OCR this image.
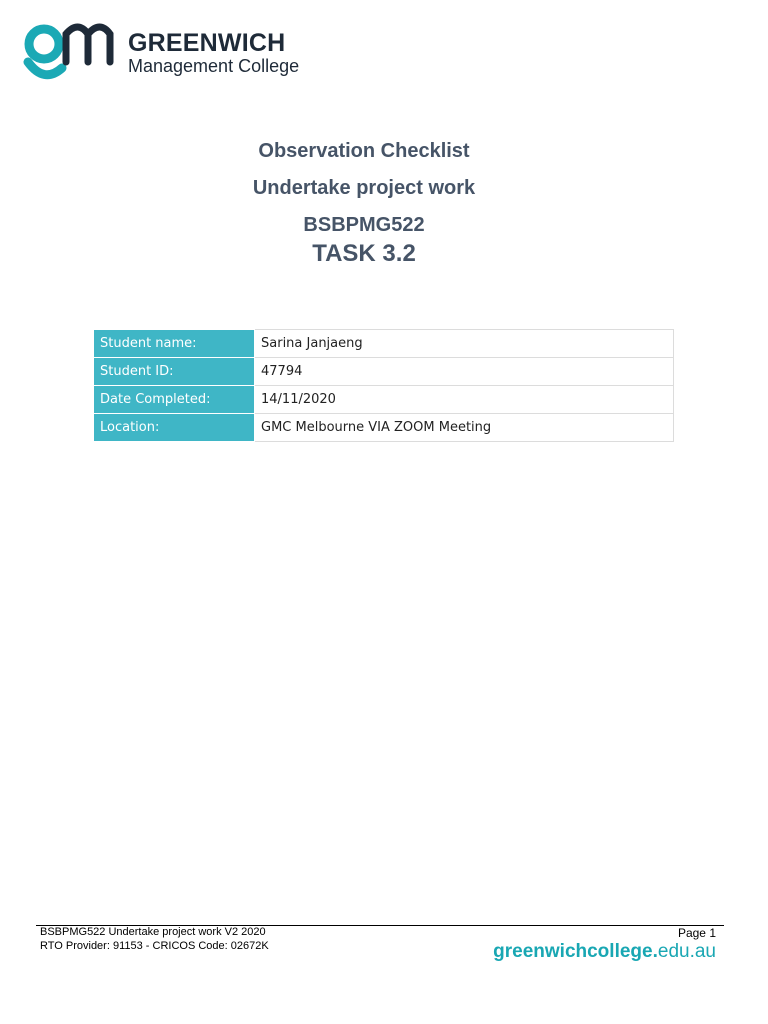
GREENWICH
Management College
Observation Checklist
Undertake project work
BSBPMG522
TASK 3.2
Student name:	Sarina Janjaeng
Student ID:	47794
Date Completed:	14/11/2020
Location:	GMC Melbourne VIA ZOOM Meeting
BSBPMG522 Undertake project work V2 2020
RTO Provider: 91153 - CRICOS Code: 02672K
Page 1
greenwichcollege.edu.au
